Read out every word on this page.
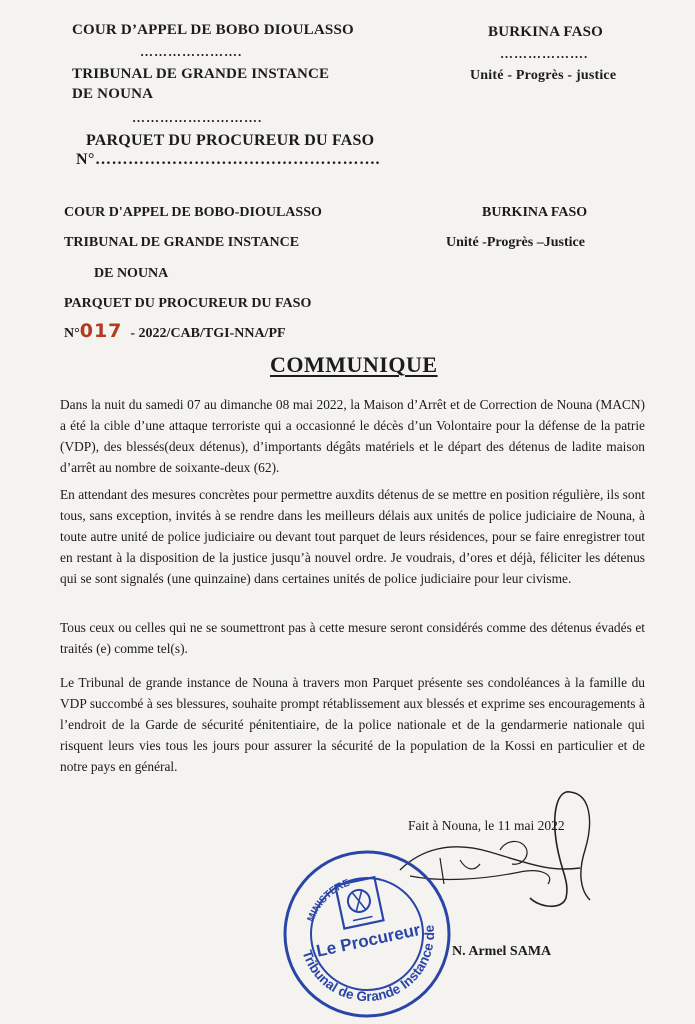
COUR D’APPEL DE BOBO DIOULASSO	BURKINA FASO
………………….	……………….
TRIBUNAL DE GRANDE INSTANCE	Unité - Progrès - justice
DE NOUNA
……………………….
PARQUET DU PROCUREUR DU FASO
N°…………………………………………….
COUR D'APPEL DE BOBO-DIOULASSO	BURKINA FASO
TRIBUNAL DE GRANDE INSTANCE	Unité -Progrès –Justice
DE NOUNA
PARQUET DU PROCUREUR DU FASO
N°017 - 2022/CAB/TGI-NNA/PF
COMMUNIQUE

Dans la nuit du samedi 07 au dimanche 08 mai 2022, la Maison d’Arrêt et de Correction de Nouna (MACN) a été la cible d’une attaque terroriste qui a occasionné le décès d’un Volontaire pour la défense de la patrie (VDP), des blessés(deux détenus), d’importants dégâts matériels et le départ des détenus de ladite maison d’arrêt au nombre de soixante-deux (62).

En attendant des mesures concrètes pour permettre auxdits détenus de se mettre en position régulière, ils sont tous, sans exception, invités à se rendre dans les meilleurs délais aux unités de police judiciaire de Nouna, à toute autre unité de police judiciaire ou devant tout parquet de leurs résidences, pour se faire enregistrer tout en restant à la disposition de la justice jusqu’à nouvel ordre. Je voudrais, d’ores et déjà, féliciter les détenus qui se sont signalés (une quinzaine) dans certaines unités de police judiciaire pour leur civisme.

Tous ceux ou celles qui ne se soumettront pas à cette mesure seront considérés comme des détenus évadés et traités (e) comme tel(s).

Le Tribunal de grande instance de Nouna à travers mon Parquet présente ses condoléances à la famille du VDP succombé à ses blessures, souhaite prompt rétablissement aux blessés et exprime ses encouragements à l’endroit de la Garde de sécurité pénitentiaire, de la police nationale et de la gendarmerie nationale qui risquent leurs vies tous les jours pour assurer la sécurité de la population de la Kossi en particulier et de notre pays en général.

Fait à Nouna, le 11 mai 2022
Tribunal de Grande Instance de
MINISTERE
Le Procureur N. Armel SAMA
